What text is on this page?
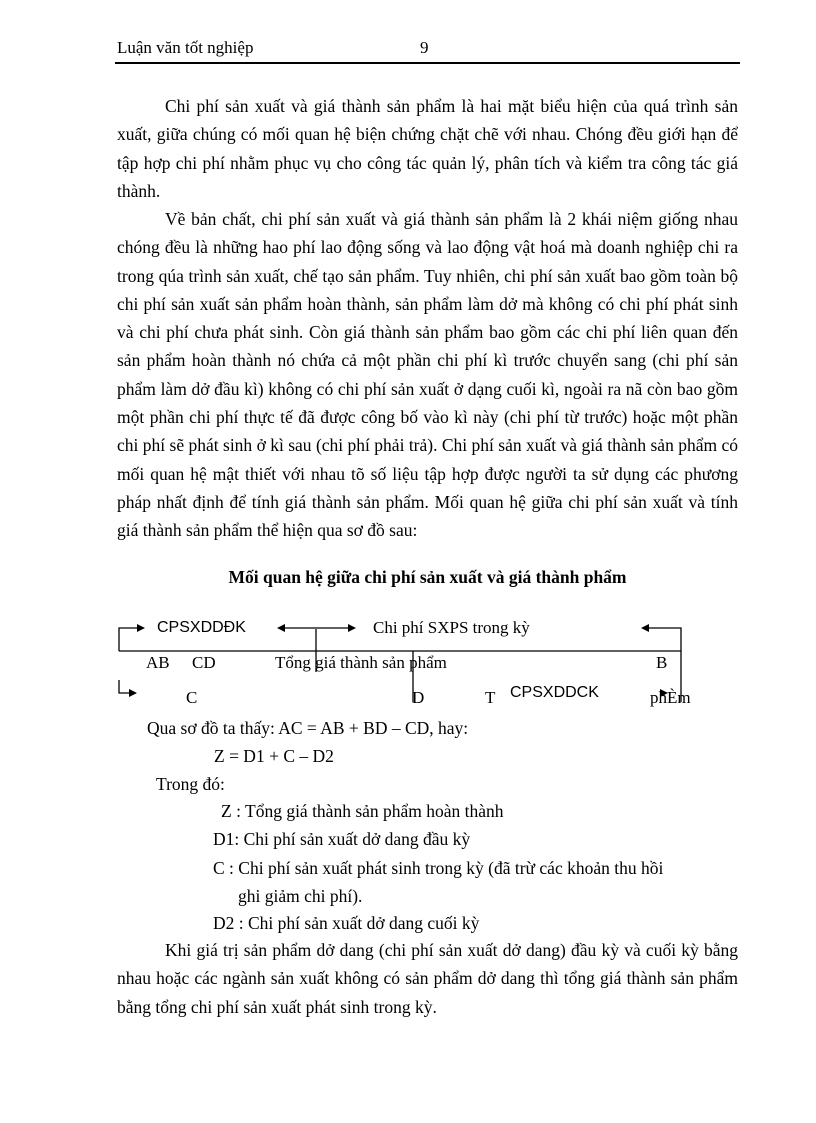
Luận văn tốt nghiệp	9

Chi phí sản xuất và giá thành sản phẩm là hai mặt biểu hiện của quá trình sản xuất, giữa chúng có mối quan hệ biện chứng chặt chẽ với nhau. Chóng đều giới hạn để tập hợp chi phí nhằm phục vụ cho công tác quản lý, phân tích và kiểm tra công tác giá thành.

Về bản chất, chi phí sản xuất và giá thành sản phẩm là 2 khái niệm giống nhau chóng đều là những hao phí lao động sống và lao động vật hoá mà doanh nghiệp chi ra trong qúa trình sản xuất, chế tạo sản phẩm. Tuy nhiên, chi phí sản xuất bao gồm toàn bộ chi phí sản xuất sản phẩm hoàn thành, sản phẩm làm dở mà không có chi phí phát sinh và chi phí chưa phát sinh. Còn giá thành sản phẩm bao gồm các chi phí liên quan đến sản phẩm hoàn thành nó chứa cả một phần chi phí kì trước chuyển sang (chi phí sản phẩm làm dở đầu kì) không có chi phí sản xuất ở dạng cuối kì, ngoài ra nã còn bao gồm một phần chi phí thực tế đã được công bố vào kì này (chi phí từ trước) hoặc một phần chi phí sẽ phát sinh ở kì sau (chi phí phải trả). Chi phí sản xuất và giá thành sản phẩm có mối quan hệ mật thiết với nhau tõ số liệu tập hợp được người ta sử dụng các phương pháp nhất định để tính giá thành sản phẩm. Mối quan hệ giữa chi phí sản xuất và tính giá thành sản phẩm thể hiện qua sơ đồ sau:

Mối quan hệ giữa chi phí sản xuất và giá thành phẩm
CPSXDDĐK	Chi phí SXPS trong kỳ
AB CD	Tổng giá thành sản phẩm	B
C	D	T CPSXDDCK	phÈm
Qua sơ đồ ta thấy: AC = AB + BD – CD, hay:
Z = D1 + C – D2
Trong đó:
Z : Tổng giá thành sản phẩm hoàn thành
D1: Chi phí sản xuất dở dang đầu kỳ
C : Chi phí sản xuất phát sinh trong kỳ (đã trừ các khoản thu hồi
ghi giảm chi phí).
D2 : Chi phí sản xuất dở dang cuối kỳ

Khi giá trị sản phẩm dở dang (chi phí sản xuất dở dang) đầu kỳ và cuối kỳ bằng nhau hoặc các ngành sản xuất không có sản phẩm dở dang thì tổng giá thành sản phẩm bằng tổng chi phí sản xuất phát sinh trong kỳ.
